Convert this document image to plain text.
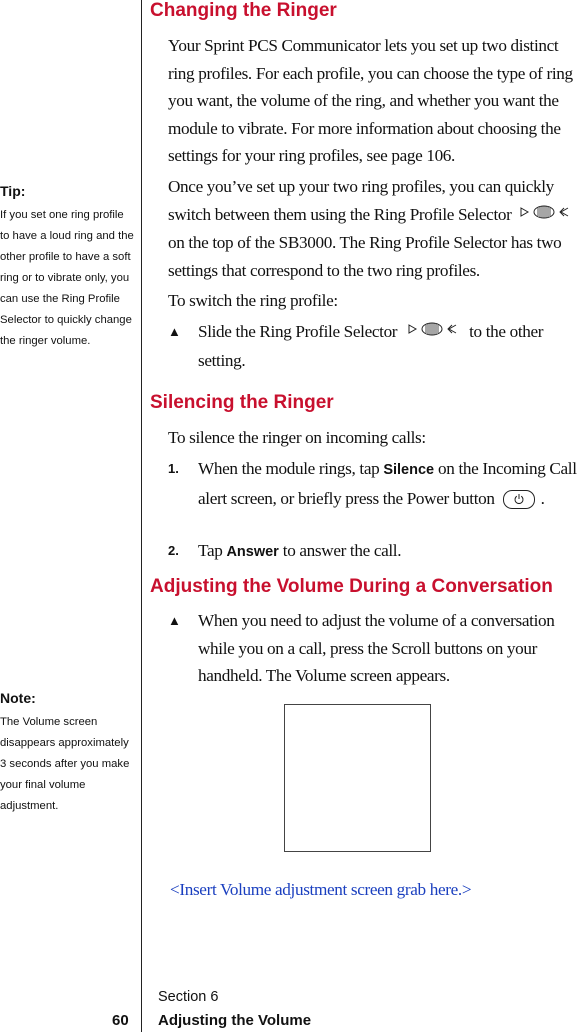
Tip:

If you set one ring profile to have a loud ring and the other profile to have a soft ring or to vibrate only, you can use the Ring Profile Selector to quickly change the ringer volume.

Note:

The Volume screen disappears approximately 3 seconds after you make your final volume adjustment.

Changing the Ringer

Your Sprint PCS Communicator lets you set up two distinct ring profiles. For each profile, you can choose the type of ring you want, the volume of the ring, and whether you want the module to vibrate. For more information about choosing the settings for your ring profiles, see page 106.

Once you’ve set up your two ring profiles, you can quickly switch between them using the Ring Profile Selector  on the top of the SB3000. The Ring Profile Selector has two settings that correspond to the two ring profiles.

To switch the ring profile:

▲ Slide the Ring Profile Selector	to the other setting.

Silencing the Ringer

To silence the ringer on incoming calls:

1. When the module rings, tap Silence on the Incoming Call alert screen, or briefly press the Power button	.

2. Tap Answer to answer the call.

Adjusting the Volume During a Conversation
▲ When you need to adjust the volume of a conversation while you on a call, press the Scroll buttons on your handheld. The Volume screen appears.

<Insert Volume adjustment screen grab here.>

Section 6
60 Adjusting the Volume
